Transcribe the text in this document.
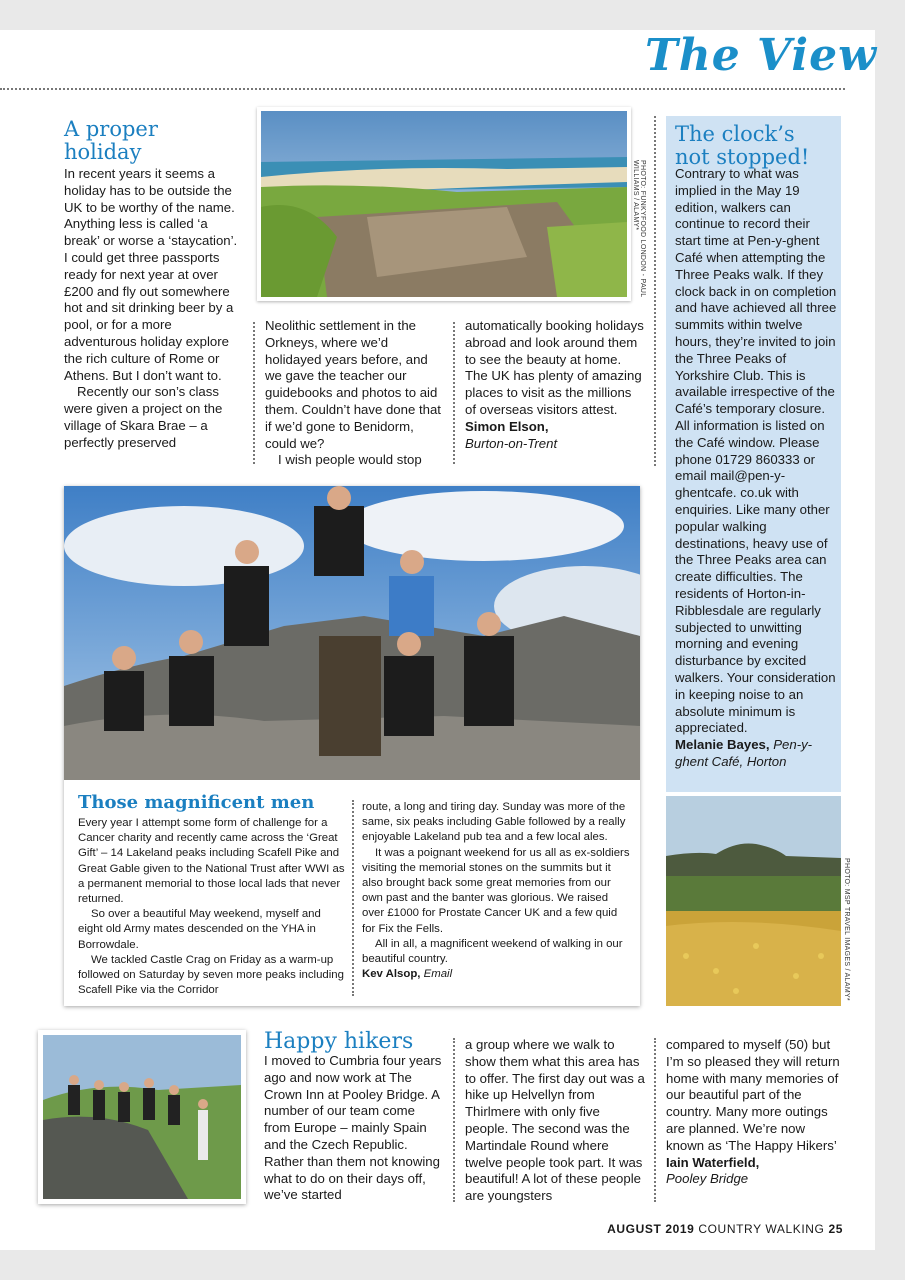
The View
A proper holiday

In recent years it seems a holiday has to be outside the UK to be worthy of the name. Anything less is called ‘a break’ or worse a ‘staycation’. I could get three passports ready for next year at over £200 and fly out somewhere hot and sit drinking beer by a pool, or for a more adventurous holiday explore the rich culture of Rome or Athens. But I don’t want to.

Recently our son’s class were given a project on the village of Skara Brae – a perfectly preserved

PHOTO: FUNKYFOOD LONDON - PAUL WILLIAMS / ALAMY*

Neolithic settlement in the Orkneys, where we’d holidayed years before, and we gave the teacher our guidebooks and photos to aid them. Couldn’t have done that if we’d gone to Benidorm, could we?

I wish people would stop

automatically booking holidays abroad and look around them to see the beauty at home. The UK has plenty of amazing places to visit as the millions of overseas visitors attest.

Simon Elson,

Burton-on-Trent

The clock’s not stopped!

Contrary to what was implied in the May 19 edition, walkers can continue to record their start time at Pen-y-ghent Café when attempting the Three Peaks walk. If they clock back in on completion and have achieved all three summits within twelve hours, they’re invited to join the Three Peaks of Yorkshire Club. This is available irrespective of the Café’s temporary closure. All information is listed on the Café window. Please phone 01729 860333 or email mail@pen-y-ghentcafe. co.uk with enquiries. Like many other popular walking destinations, heavy use of the Three Peaks area can create difficulties. The residents of Horton-in-Ribblesdale are regularly subjected to unwitting morning and evening disturbance by excited walkers. Your consideration in keeping noise to an absolute minimum is appreciated.

Melanie Bayes, Pen-y-ghent Café, Horton

PHOTO: MSP TRAVEL IMAGES / ALAMY*
Those magnificent men

Every year I attempt some form of challenge for a Cancer charity and recently came across the ‘Great Gift’ – 14 Lakeland peaks including Scafell Pike and Great Gable given to the National Trust after WWI as a permanent memorial to those local lads that never returned.

So over a beautiful May weekend, myself and eight old Army mates descended on the YHA in Borrowdale.

We tackled Castle Crag on Friday as a warm-up followed on Saturday by seven more peaks including Scafell Pike via the Corridor

route, a long and tiring day. Sunday was more of the same, six peaks including Gable followed by a really enjoyable Lakeland pub tea and a few local ales.

It was a poignant weekend for us all as ex-soldiers visiting the memorial stones on the summits but it also brought back some great memories from our own past and the banter was glorious. We raised over £1000 for Prostate Cancer UK and a few quid for Fix the Fells.

All in all, a magnificent weekend of walking in our beautiful country.

Kev Alsop, Email

Happy hikers

I moved to Cumbria four years ago and now work at The Crown Inn at Pooley Bridge. A number of our team come from Europe – mainly Spain and the Czech Republic. Rather than them not knowing what to do on their days off, we’ve started

a group where we walk to show them what this area has to offer. The first day out was a hike up Helvellyn from Thirlmere with only five people. The second was the Martindale Round where twelve people took part. It was beautiful! A lot of these people are youngsters

compared to myself (50) but I’m so pleased they will return home with many memories of our beautiful part of the country. Many more outings are planned. We’re now known as ‘The Happy Hikers’

Iain Waterfield,

Pooley Bridge

AUGUST 2019 COUNTRY WALKING 25
